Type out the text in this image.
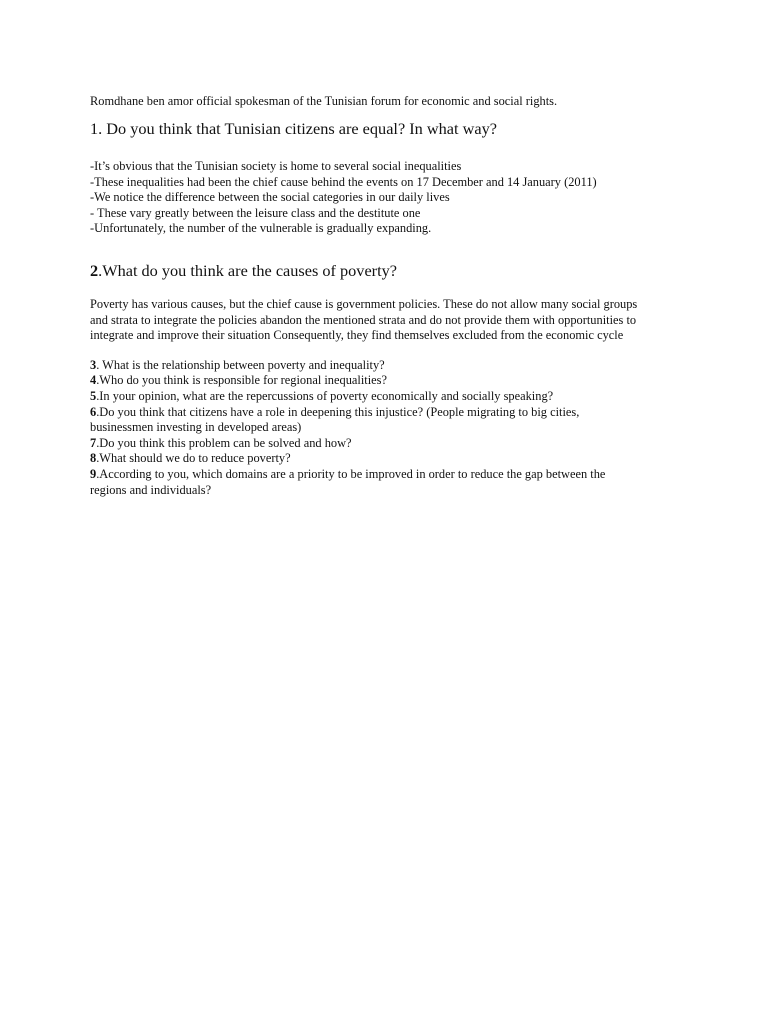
Romdhane ben amor official spokesman of the Tunisian forum for economic and social rights.

1. Do you think that Tunisian citizens are equal? In what way?
-It’s obvious that the Tunisian society is home to several social inequalities
-These inequalities had been the chief cause behind the events on 17 December and 14 January (2011)
-We notice the difference between the social categories in our daily lives
- These vary greatly between the leisure class and the destitute one
-Unfortunately, the number of the vulnerable is gradually expanding.
2.What do you think are the causes of poverty?
Poverty has various causes, but the chief cause is government policies. These do not allow many social groups
and strata to integrate the policies abandon the mentioned strata and do not provide them with opportunities to
integrate and improve their situation Consequently, they find themselves excluded from the economic cycle
3. What is the relationship between poverty and inequality?
4.Who do you think is responsible for regional inequalities?
5.In your opinion, what are the repercussions of poverty economically and socially speaking?
6.Do you think that citizens have a role in deepening this injustice? (People migrating to big cities,
businessmen investing in developed areas)
7.Do you think this problem can be solved and how?
8.What should we do to reduce poverty?
9.According to you, which domains are a priority to be improved in order to reduce the gap between the
regions and individuals?
